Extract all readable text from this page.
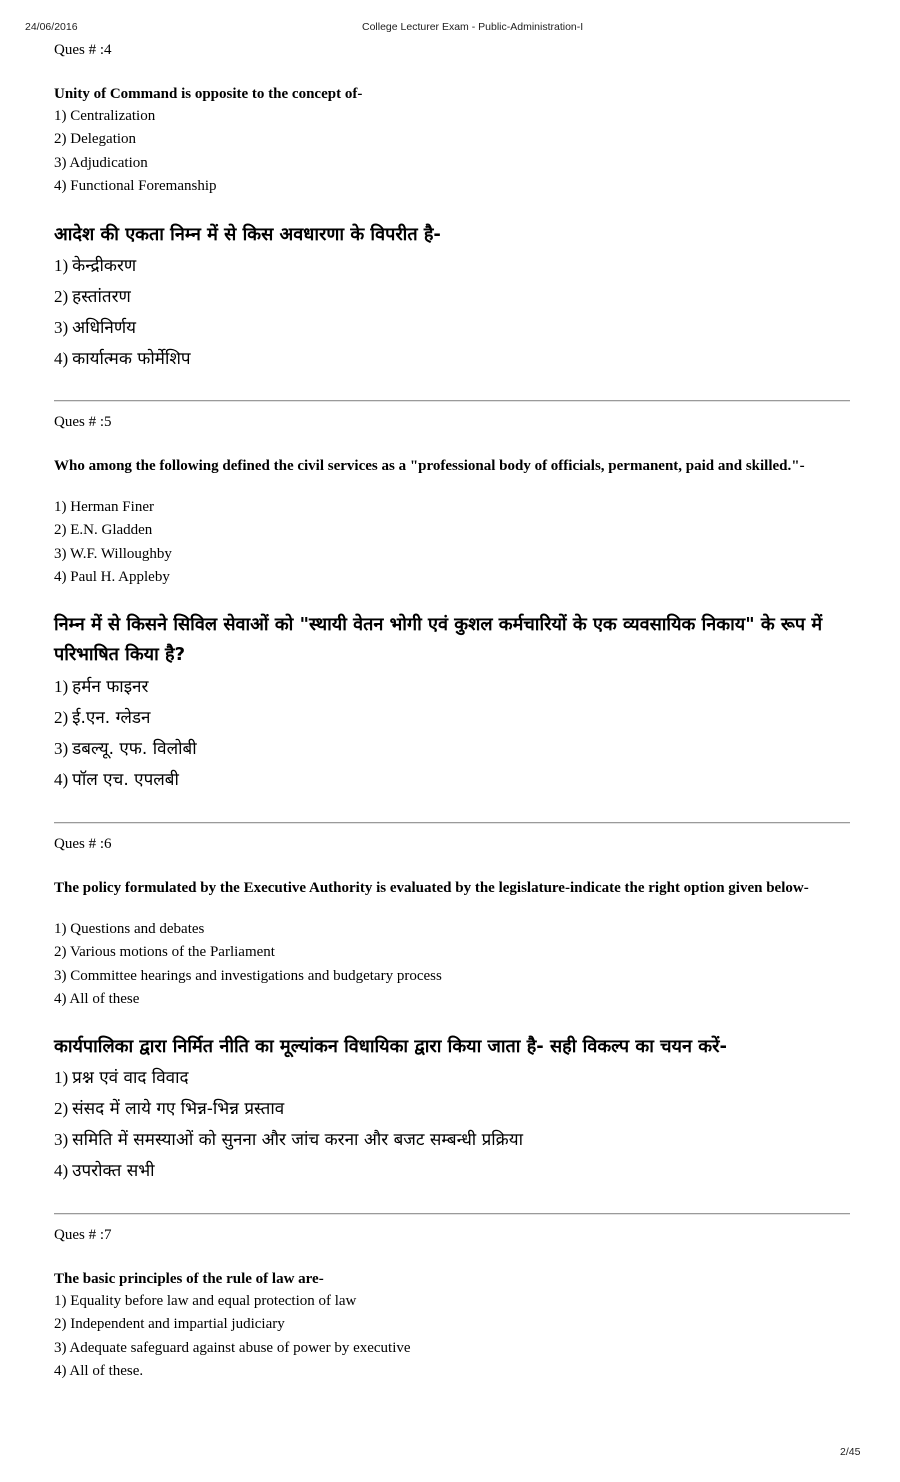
24/06/2016	College Lecturer Exam - Public-Administration-I
Ques # :4
Unity of Command is opposite to the concept of-
1) Centralization
2) Delegation
3) Adjudication
4) Functional Foremanship
आदेश की एकता निम्न में से किस अवधारणा के विपरीत है-
1) केन्द्रीकरण
2) हस्तांतरण
3) अधिनिर्णय
4) कार्यात्मक फोर्मेशिप
Ques # :5
Who among the following defined the civil services as a "professional body of officials, permanent, paid and skilled."-
1) Herman Finer
2) E.N. Gladden
3) W.F. Willoughby
4) Paul H. Appleby
निम्न में से किसने सिविल सेवाओं को "स्थायी वेतन भोगी एवं कुशल कर्मचारियों के एक व्यवसायिक निकाय" के रूप में परिभाषित किया है?
1) हर्मन फाइनर
2) ई.एन. ग्लेडन
3) डबल्यू. एफ. विलोबी
4) पॉल एच. एपलबी
Ques # :6
The policy formulated by the Executive Authority is evaluated by the legislature-indicate the right option given below-
1) Questions and debates
2) Various motions of the Parliament
3) Committee hearings and investigations and budgetary process
4) All of these
कार्यपालिका द्वारा निर्मित नीति का मूल्यांकन विधायिका द्वारा किया जाता है- सही विकल्प का चयन करें-
1) प्रश्न एवं वाद विवाद
2) संसद में लाये गए भिन्न-भिन्न प्रस्ताव
3) समिति में समस्याओं को सुनना और जांच करना और बजट सम्बन्धी प्रक्रिया
4) उपरोक्त सभी
Ques # :7
The basic principles of the rule of law are-
1) Equality before law and equal protection of law
2) Independent and impartial judiciary
3) Adequate safeguard against abuse of power by executive
4) All of these.
2/45
